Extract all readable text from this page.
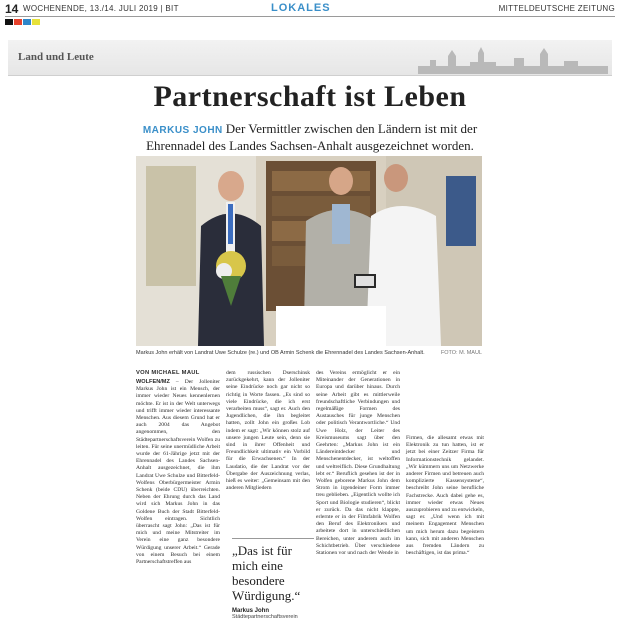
14 WOCHENENDE, 13./14. JULI 2019 | BIT	LOKALES	MITTELDEUTSCHE ZEITUNG
Land und Leute
Partnerschaft ist Leben
MARKUS JOHN Der Vermittler zwischen den Ländern ist mit der Ehrennadel des Landes Sachsen-Anhalt ausgezeichnet worden.
FOTO: M. MAUL
Markus John erhält von Landrat Uwe Schulze (re.) und OB Armin Schenk die Ehrennadel des Landes Sachsen-Anhalt.
VON MICHAEL MAUL
WOLFEN/MZ – Der Jolleniter Markus John ist ein Mensch, der immer wieder Neues kennenlernen möchte. Er ist in der Welt unterwegs und trifft immer wieder interessante Menschen. Aus diesem Grund hat er auch 2004 das Angebot angenommen, den Städtepartnerschaftsverein Wolfen zu leiten. Für seine unermüdliche Arbeit wurde der 61-Jährige jetzt mit der Ehrennadel des Landes Sachsen-Anhalt ausgezeichnet, die ihm Landrat Uwe Schulze und Bitterfeld-Wolfens Oberbürgermeister Armin Schenk (beide CDU) überreichten. Neben der Ehrung durch das Land wird sich Markus John in das Goldene Buch der Stadt Bitterfeld-Wolfen eintragen. Sichtlich überrascht sagt John: „Das ist für mich und meine Mitstreiter im Verein eine ganz besondere Würdigung unserer Arbeit.“ Gerade von einem Besuch bei einem Partnerschaftstreffen aus
dem russischen Dserschinsk zurückgekehrt, kann der Jolleniter seine Eindrücke noch gar nicht so richtig in Worte fassen. „Es sind so viele Eindrücke, die ich erst verarbeiten muss“, sagt er. Auch den Jugendlichen, die ihn begleitet hatten, zollt John ein großes Lob indem er sagt: „Wir können stolz auf unsere jungen Leute sein, denn sie sind in ihrer Offenheit und Freundlichkeit ultimativ ein Vorbild für die Erwachsenen.“ In der Laudatio, die der Landrat vor der Übergabe der Auszeichnung verlas, hieß es weiter: „Gemeinsam mit den anderen Mitgliedern
„Das ist für mich eine besondere Würdigung.“
Markus John
Städtepartnerschaftsverein
des Vereins ermöglicht er ein Miteinander der Generationen in Europa und darüber hinaus. Durch seine Arbeit gibt es mittlerweile freundschaftliche Verbindungen und regelmäßige Formen des Austausches für junge Menschen oder politisch Verantwortliche.“ Und Uwe Holz, der Leiter des Kreismuseums sagt über den Geehrten: „Markus John ist ein Ländereintdecker und Menschenentdecker, ist weltoffen und weltreiflich. Diese Grundhaltung lebt er.“ Beruflich gesehen ist der in Wolfen geborene Markus John dem Strom in irgendeiner Form immer treu geblieben. „Eigentlich wollte ich Sport und Biologie studieren“, blickt er zurück. Da das nicht klappte, erlernte er in der Filmfabrik Wolfen den Beruf des Elektronikers und arbeitete dort in unterschiedlichen Bereichen, unter anderem auch im Schichtbetrieb. Über verschiedene Stationen vor und nach der Wende in
Firmen, die allesamt etwas mit Elektronik zu tun hatten, ist er jetzt bei einer Zeitzer Firma für Informationstechnik gelandet. „Wir kümmern uns um Netzwerke anderer Firmen und betreuen auch komplizierte Kassensysteme“, beschreibt John seine berufliche Fachstrecke. Auch dabei gehe es, immer wieder etwas Neues auszuprobieren und zu entwickeln, sagt er. „Und wenn ich mit meinem Engagement Menschen um mich herum dazu begeistern kann, sich mit anderen Menschen aus fremden Ländern zu beschäftigen, ist das prima.“
